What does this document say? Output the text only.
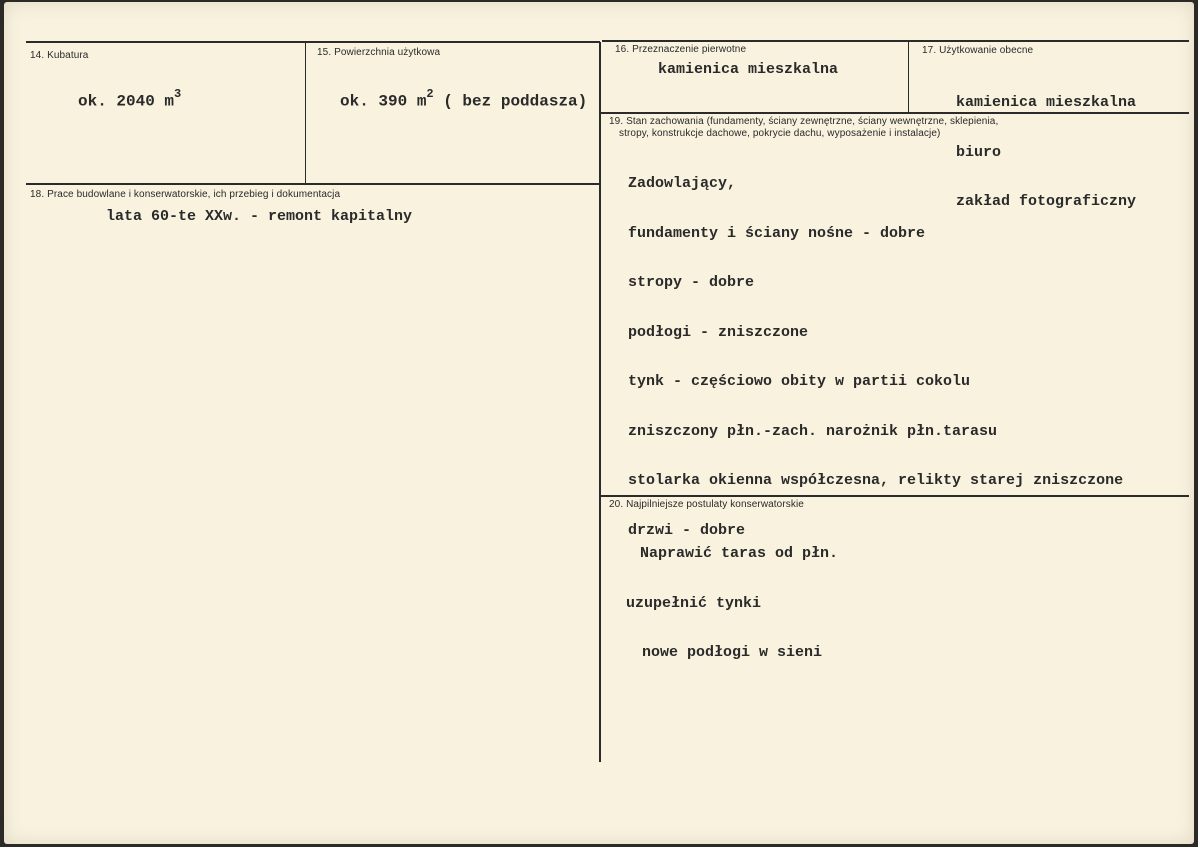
14. Kubatura
ok. 2040 $m^3$
15. Powierzchnia użytkowa
ok. 390 $m^2$ ( bez poddasza)
16. Przeznaczenie pierwotne
kamienica mieszkalna
17. Użytkowanie obecne

kamienica mieszkalna

biuro

zakład fotograficzny

18. Prace budowlane i konserwatorskie, ich przebieg i dokumentacja
lata 60-te XXw. - remont kapitalny
19. Stan zachowania (fundamenty, ściany zewnętrzne, ściany wewnętrzne, sklepienia,
stropy, konstrukcje dachowe, pokrycie dachu, wyposażenie i instalacje)

Zadowlający,

fundamenty i ściany nośne - dobre

stropy - dobre

podłogi - zniszczone

tynk - częściowo obity w partii cokolu

zniszczony płn.-zach. narożnik płn.tarasu

stolarka okienna współczesna, relikty starej zniszczone

drzwi - dobre

20. Najpilniejsze postulaty konserwatorskie

Naprawić taras od płn.

uzupełnić tynki

nowe podłogi w sieni
